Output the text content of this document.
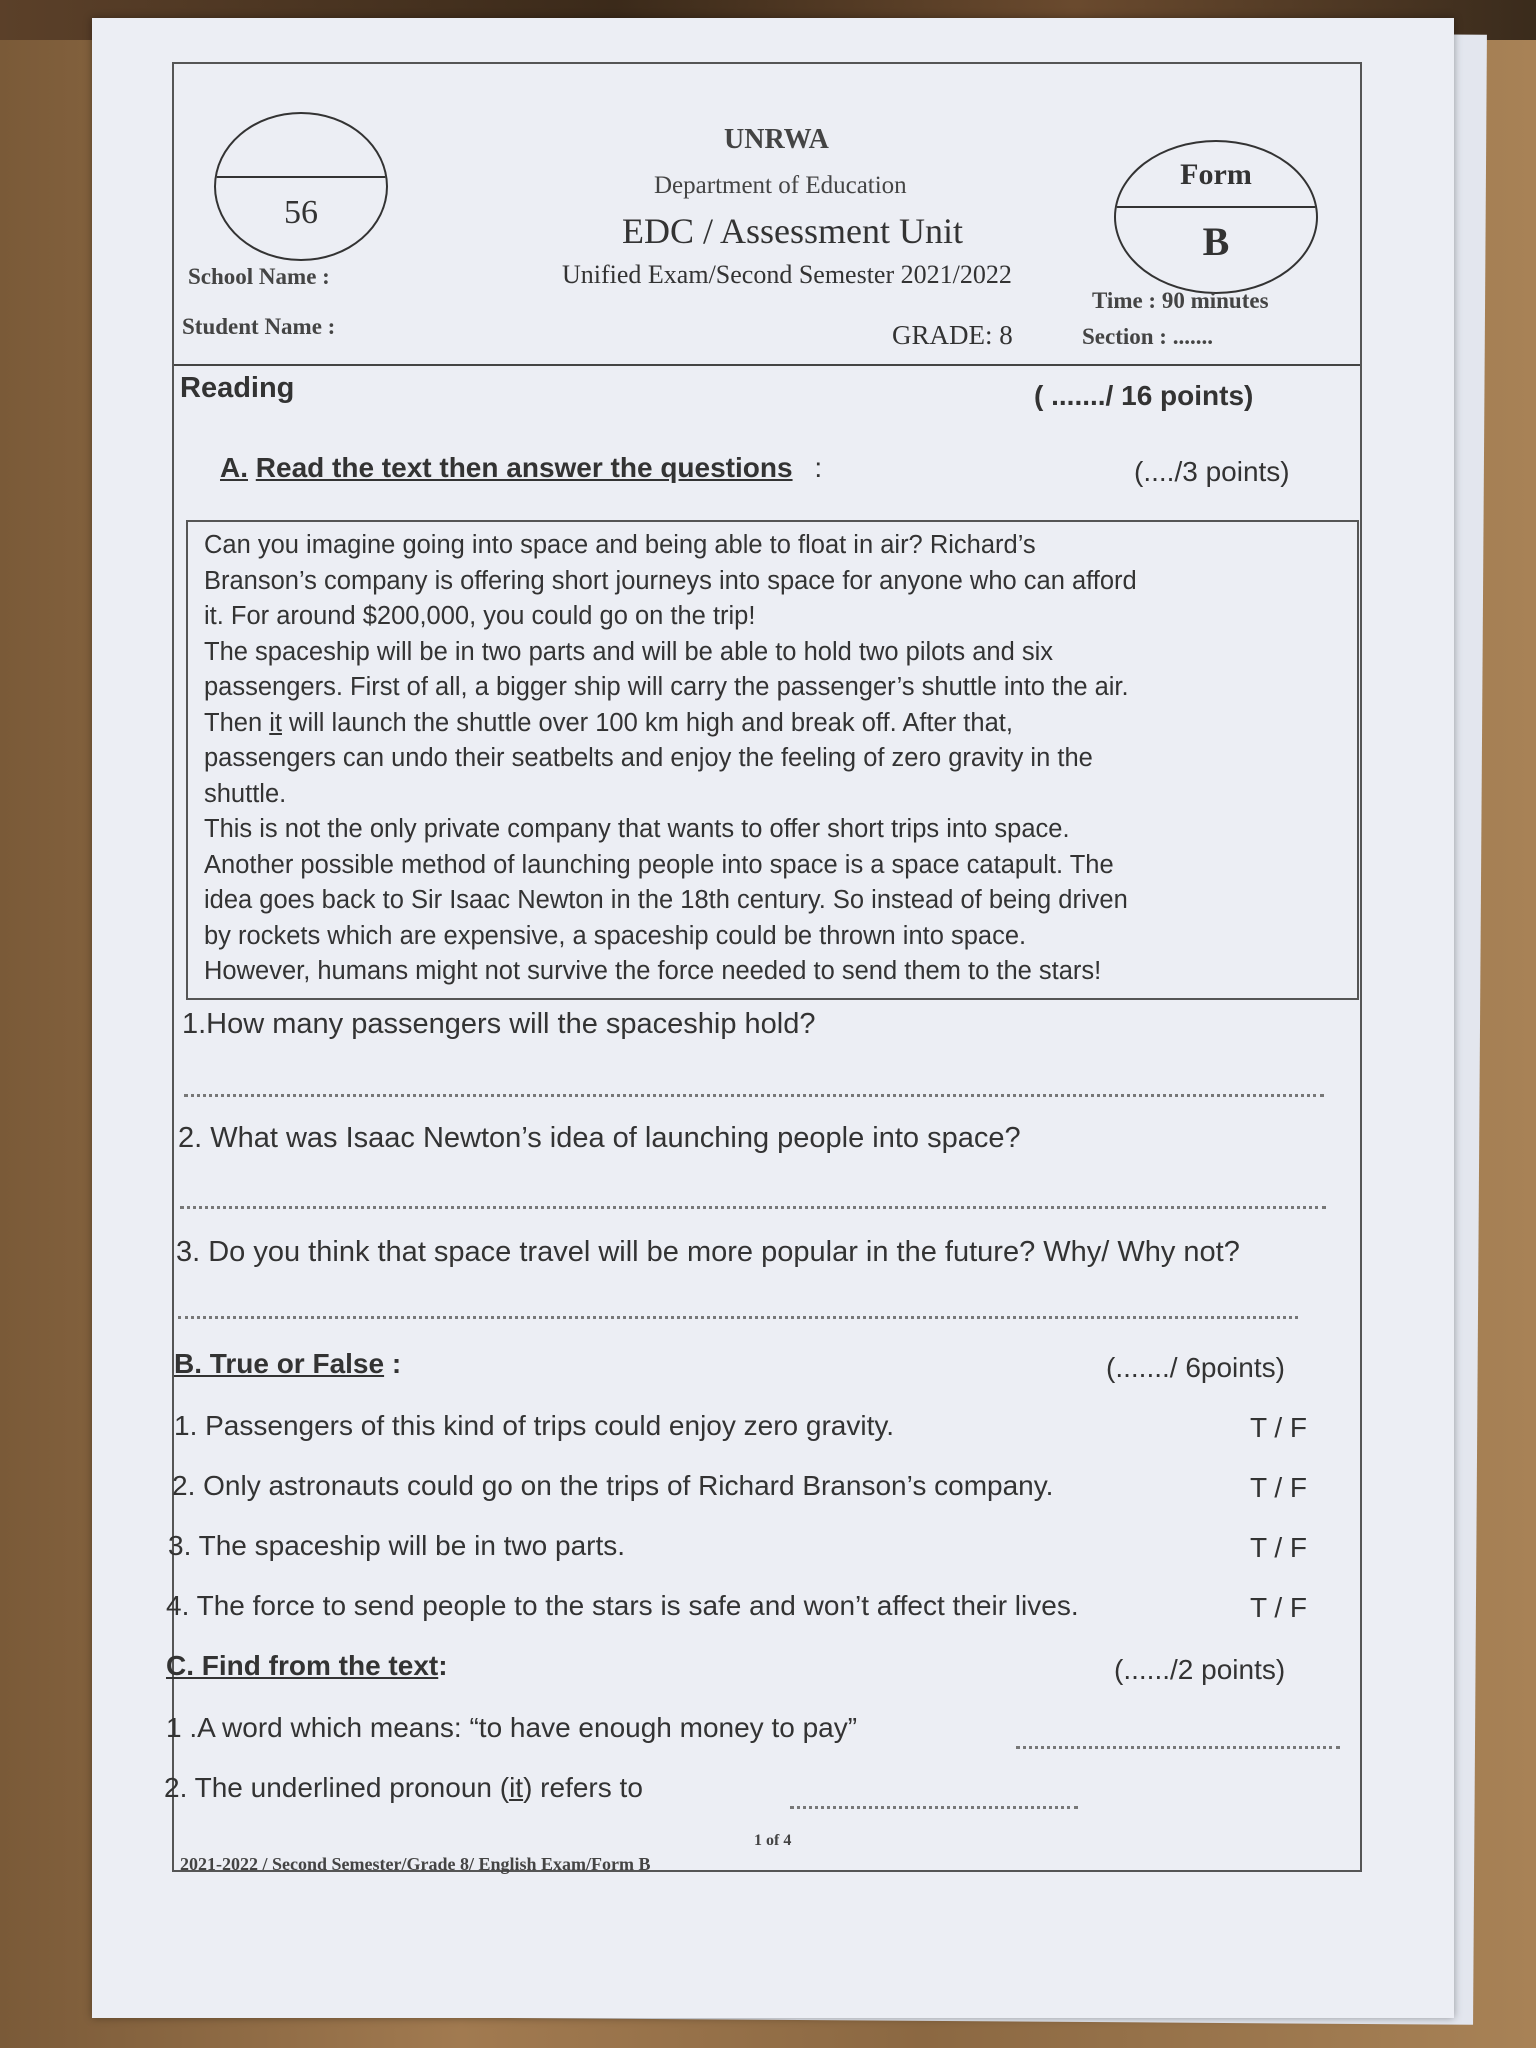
56
UNRWA
Department of Education
EDC / Assessment Unit
Unified Exam/Second Semester 2021/2022
Form
B
School Name :
Time : 90 minutes
Student Name :	GRADE: 8	Section : .......
Reading	( ......./ 16 points)
A. Read the text then answer the questions :	(..../3 points)

Can you imagine going into space and being able to float in air? Richard’s

Branson’s company is offering short journeys into space for anyone who can afford

it. For around $200,000, you could go on the trip!

The spaceship will be in two parts and will be able to hold two pilots and six

passengers. First of all, a bigger ship will carry the passenger’s shuttle into the air.

Then it will launch the shuttle over 100 km high and break off. After that,

passengers can undo their seatbelts and enjoy the feeling of zero gravity in the

shuttle.

This is not the only private company that wants to offer short trips into space.

Another possible method of launching people into space is a space catapult. The

idea goes back to Sir Isaac Newton in the 18th century. So instead of being driven

by rockets which are expensive, a spaceship could be thrown into space.

However, humans might not survive the force needed to send them to the stars!

1.How many passengers will the spaceship hold?
2. What was Isaac Newton’s idea of launching people into space?
3. Do you think that space travel will be more popular in the future? Why/ Why not?
B. True or False :	(......./ 6points)
1. Passengers of this kind of trips could enjoy zero gravity.	T / F
2. Only astronauts could go on the trips of Richard Branson’s company.	T / F
3. The spaceship will be in two parts.	T / F
4. The force to send people to the stars is safe and won’t affect their lives.	T / F
C. Find from the text:	(....../2 points)
1 .A word which means: “to have enough money to pay”
2. The underlined pronoun (it) refers to
1 of 4
2021-2022 / Second Semester/Grade 8/ English Exam/Form B
